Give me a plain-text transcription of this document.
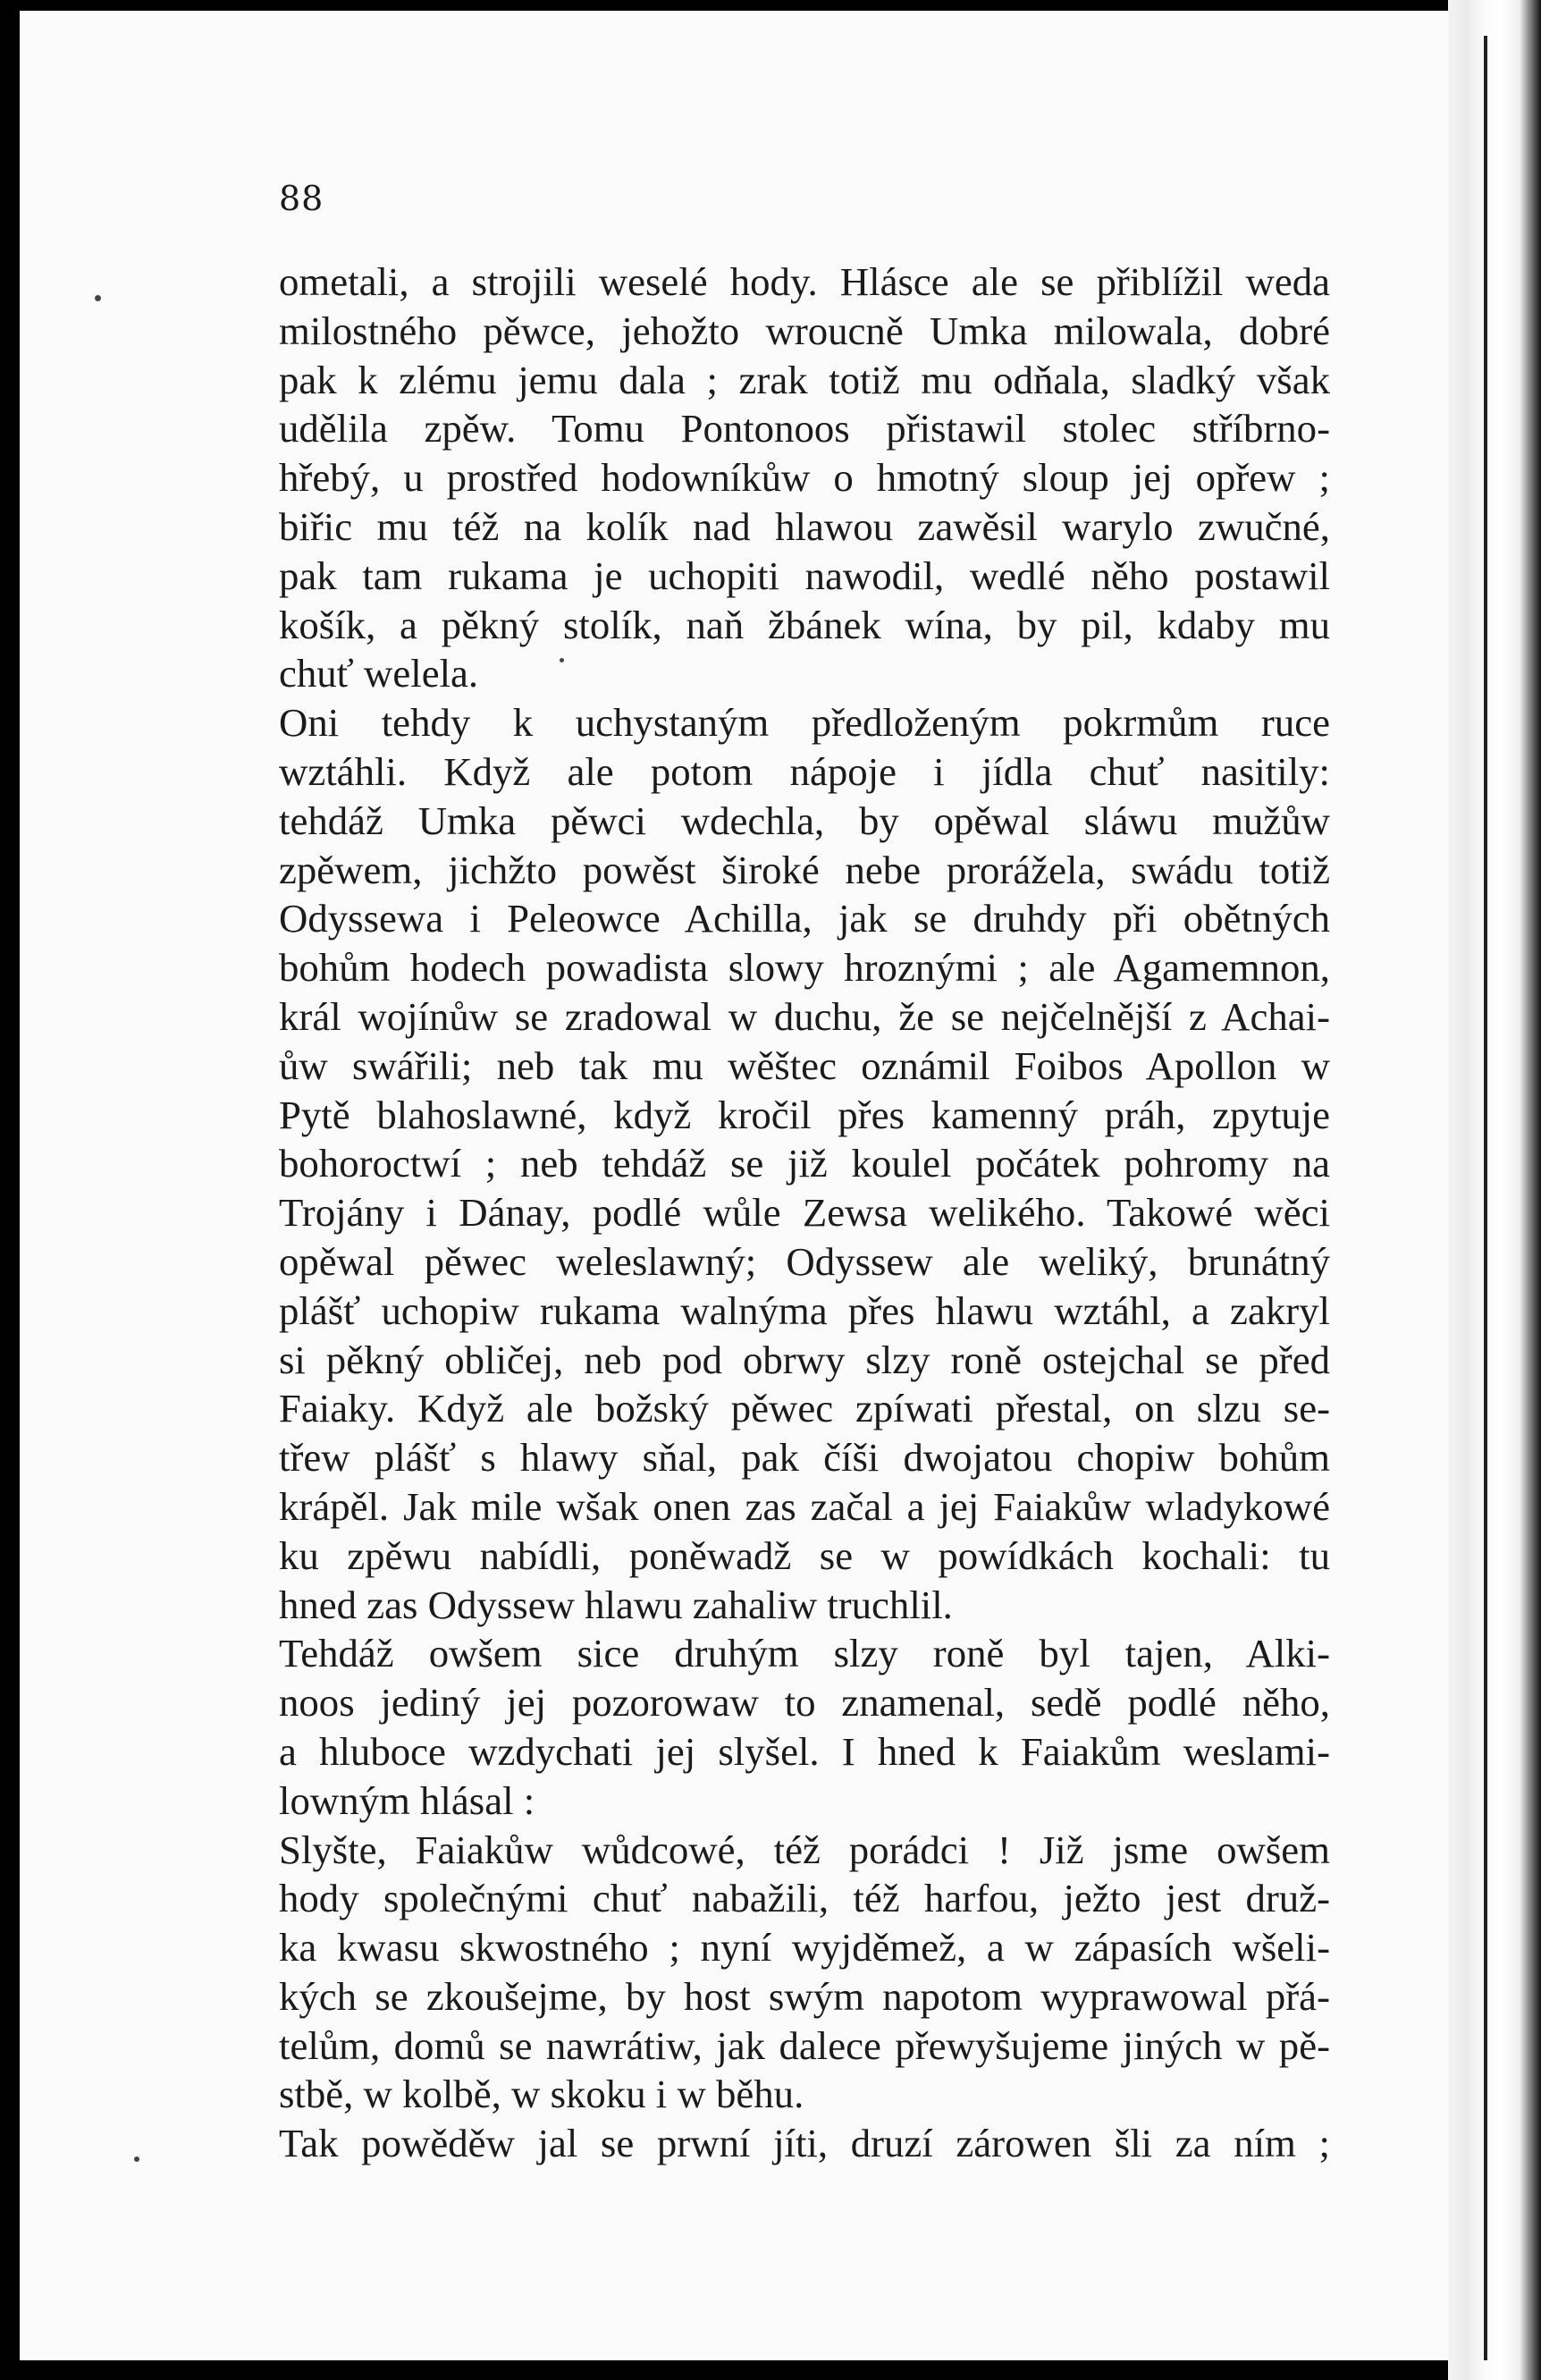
88
ometali, a strojili weselé hody. Hlásce ale se přiblížil weda
milostného pěwce, jehožto wroucně Umka milowala, dobré
pak k zlému jemu dala ; zrak totiž mu odňala, sladký však
udělila zpěw. Tomu Pontonoos přistawil stolec stříbrno-
hřebý, u prostřed hodowníkůw o hmotný sloup jej opřew ;
biřic mu též na kolík nad hlawou zawěsil warylo zwučné,
pak tam rukama je uchopiti nawodil, wedlé něho postawil
košík, a pěkný stolík, naň žbánek wína, by pil, kdaby mu
chuť welela.
Oni tehdy k uchystaným předloženým pokrmům ruce
wztáhli. Když ale potom nápoje i jídla chuť nasitily:
tehdáž Umka pěwci wdechla, by opěwal sláwu mužůw
zpěwem, jichžto powěst široké nebe prorážela, swádu totiž
Odyssewa i Peleowce Achilla, jak se druhdy při obětných
bohům hodech powadista slowy hroznými ; ale Agamemnon,
král wojínůw se zradowal w duchu, že se nejčelnější z Achai-
ůw swářili; neb tak mu wěštec oznámil Foibos Apollon w
Pytě blahoslawné, když kročil přes kamenný práh, zpytuje
bohoroctwí ; neb tehdáž se již koulel počátek pohromy na
Trojány i Dánay, podlé wůle Zewsa welikého. Takowé wěci
opěwal pěwec weleslawný; Odyssew ale weliký, brunátný
plášť uchopiw rukama walnýma přes hlawu wztáhl, a zakryl
si pěkný obličej, neb pod obrwy slzy roně ostejchal se před
Faiaky. Když ale božský pěwec zpíwati přestal, on slzu se-
třew plášť s hlawy sňal, pak číši dwojatou chopiw bohům
krápěl. Jak mile wšak onen zas začal a jej Faiakůw wladykowé
ku zpěwu nabídli, poněwadž se w powídkách kochali: tu
hned zas Odyssew hlawu zahaliw truchlil.
Tehdáž owšem sice druhým slzy roně byl tajen, Alki-
noos jediný jej pozorowaw to znamenal, sedě podlé něho,
a hluboce wzdychati jej slyšel. I hned k Faiakům weslami-
lowným hlásal :
Slyšte, Faiakůw wůdcowé, též porádci ! Již jsme owšem
hody společnými chuť nabažili, též harfou, ježto jest druž-
ka kwasu skwostného ; nyní wyjděmež, a w zápasích wšeli-
kých se zkoušejme, by host swým napotom wyprawowal přá-
telům, domů se nawrátiw, jak dalece přewyšujeme jiných w pě-
stbě, w kolbě, w skoku i w běhu.
Tak powěděw jal se prwní jíti, druzí zárowen šli za ním ;
